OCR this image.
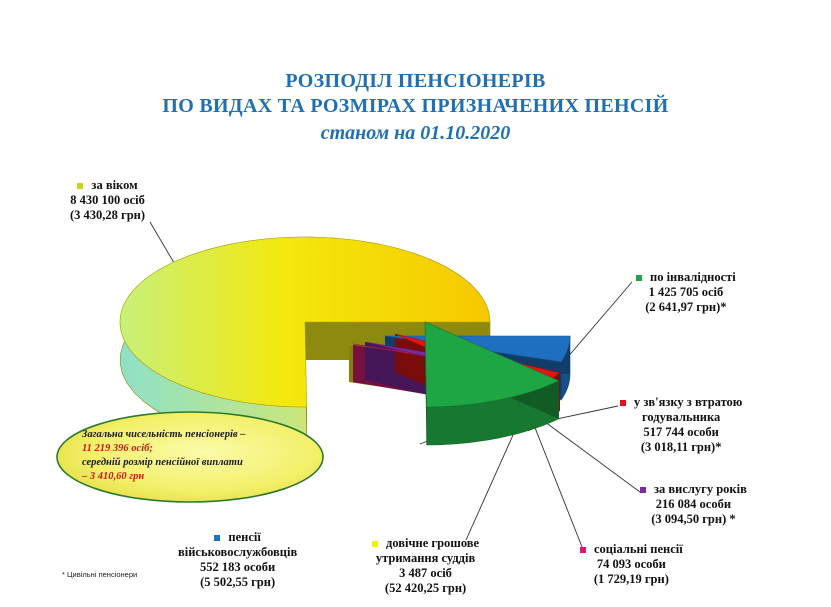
РОЗПОДІЛ ПЕНСІОНЕРІВ
ПО ВИДАХ ТА РОЗМІРАХ ПРИЗНАЧЕНИХ ПЕНСІЙ
станом на 01.10.2020
Загальна чисельність пенсіонерів –
11 219 396 осіб;
середній розмір пенсійної виплати
– 3 410,60 грн
за віком
8 430 100 осіб
(3 430,28 грн)
по інвалідності
1 425 705 осіб
(2 641,97 грн)*
у зв'язку з втратою
годувальника
517 744 особи
(3 018,11 грн)*
за вислугу років
216 084 особи
(3 094,50 грн) *
соціальні пенсії
74 093 особи
(1 729,19 грн)
довічне грошове
утримання суддів
3 487 осіб
(52 420,25 грн)
пенсії
військовослужбовців
552 183 особи
(5 502,55 грн)
* Цивільні пенсіонери
